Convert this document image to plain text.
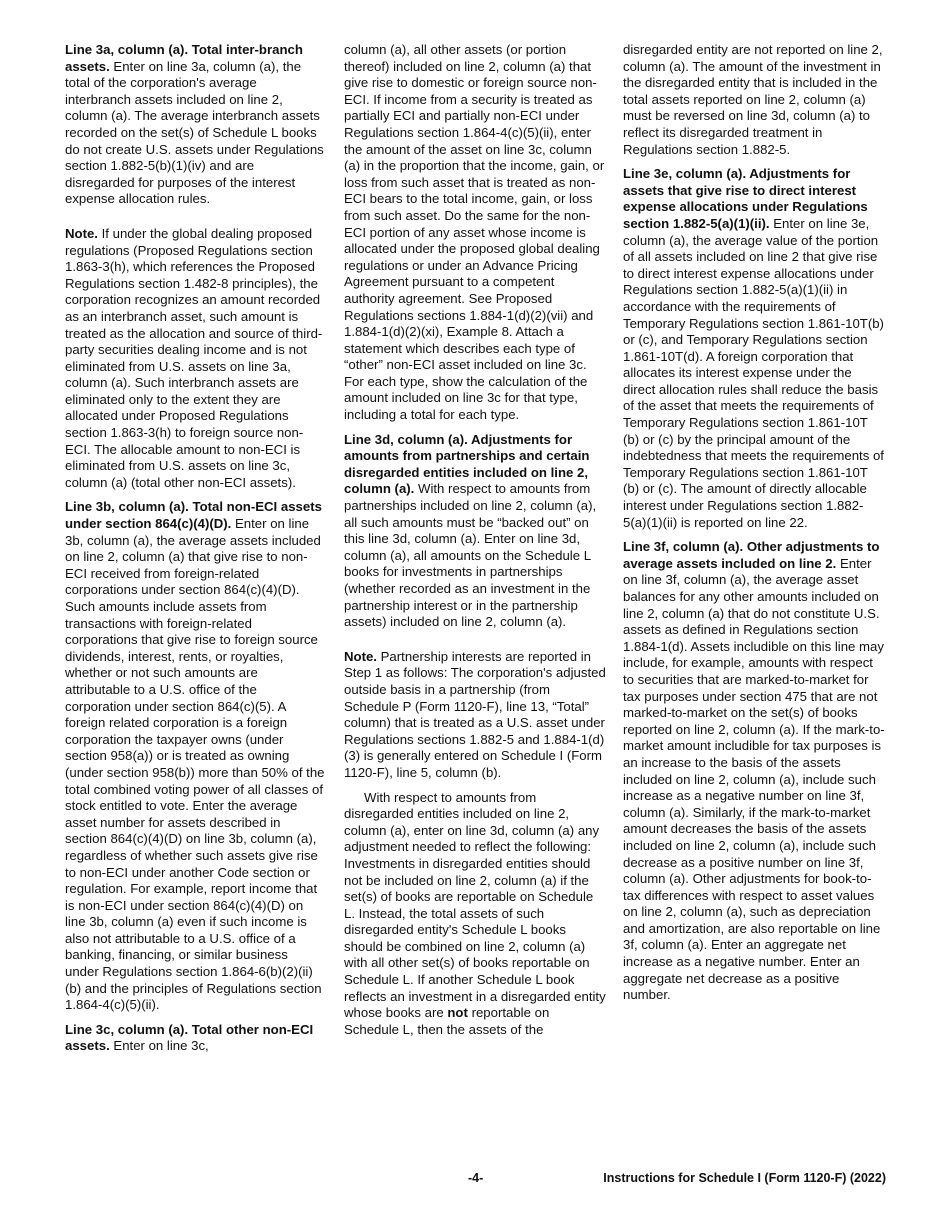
Line 3a, column (a). Total inter-branch assets. Enter on line 3a, column (a), the total of the corporation's average interbranch assets included on line 2, column (a). The average interbranch assets recorded on the set(s) of Schedule L books do not create U.S. assets under Regulations section 1.882-5(b)(1)(iv) and are disregarded for purposes of the interest expense allocation rules.

Note. If under the global dealing proposed regulations (Proposed Regulations section 1.863-3(h), which references the Proposed Regulations section 1.482-8 principles), the corporation recognizes an amount recorded as an interbranch asset, such amount is treated as the allocation and source of third-party securities dealing income and is not eliminated from U.S. assets on line 3a, column (a). Such interbranch assets are eliminated only to the extent they are allocated under Proposed Regulations section 1.863-3(h) to foreign source non-ECI. The allocable amount to non-ECI is eliminated from U.S. assets on line 3c, column (a) (total other non-ECI assets).

Line 3b, column (a). Total non-ECI assets under section 864(c)(4)(D). Enter on line 3b, column (a), the average assets included on line 2, column (a) that give rise to non-ECI received from foreign-related corporations under section 864(c)(4)(D). Such amounts include assets from transactions with foreign-related corporations that give rise to foreign source dividends, interest, rents, or royalties, whether or not such amounts are attributable to a U.S. office of the corporation under section 864(c)(5). A foreign related corporation is a foreign corporation the taxpayer owns (under section 958(a)) or is treated as owning (under section 958(b)) more than 50% of the total combined voting power of all classes of stock entitled to vote. Enter the average asset number for assets described in section 864(c)(4)(D) on line 3b, column (a), regardless of whether such assets give rise to non-ECI under another Code section or regulation. For example, report income that is non-ECI under section 864(c)(4)(D) on line 3b, column (a) even if such income is also not attributable to a U.S. office of a banking, financing, or similar business under Regulations section 1.864-6(b)(2)(ii)(b) and the principles of Regulations section 1.864-4(c)(5)(ii).

Line 3c, column (a). Total other non-ECI assets. Enter on line 3c,

column (a), all other assets (or portion thereof) included on line 2, column (a) that give rise to domestic or foreign source non-ECI. If income from a security is treated as partially ECI and partially non-ECI under Regulations section 1.864-4(c)(5)(ii), enter the amount of the asset on line 3c, column (a) in the proportion that the income, gain, or loss from such asset that is treated as non-ECI bears to the total income, gain, or loss from such asset. Do the same for the non-ECI portion of any asset whose income is allocated under the proposed global dealing regulations or under an Advance Pricing Agreement pursuant to a competent authority agreement. See Proposed Regulations sections 1.884-1(d)(2)(vii) and 1.884-1(d)(2)(xi), Example 8. Attach a statement which describes each type of “other” non-ECI asset included on line 3c. For each type, show the calculation of the amount included on line 3c for that type, including a total for each type.

Line 3d, column (a). Adjustments for amounts from partnerships and certain disregarded entities included on line 2, column (a). With respect to amounts from partnerships included on line 2, column (a), all such amounts must be “backed out” on this line 3d, column (a). Enter on line 3d, column (a), all amounts on the Schedule L books for investments in partnerships (whether recorded as an investment in the partnership interest or in the partnership assets) included on line 2, column (a).

Note. Partnership interests are reported in Step 1 as follows: The corporation's adjusted outside basis in a partnership (from Schedule P (Form 1120-F), line 13, “Total” column) that is treated as a U.S. asset under Regulations sections 1.882-5 and 1.884-1(d)(3) is generally entered on Schedule I (Form 1120-F), line 5, column (b).

With respect to amounts from disregarded entities included on line 2, column (a), enter on line 3d, column (a) any adjustment needed to reflect the following: Investments in disregarded entities should not be included on line 2, column (a) if the set(s) of books are reportable on Schedule L. Instead, the total assets of such disregarded entity's Schedule L books should be combined on line 2, column (a) with all other set(s) of books reportable on Schedule L. If another Schedule L book reflects an investment in a disregarded entity whose books are not reportable on Schedule L, then the assets of the

disregarded entity are not reported on line 2, column (a). The amount of the investment in the disregarded entity that is included in the total assets reported on line 2, column (a) must be reversed on line 3d, column (a) to reflect its disregarded treatment in Regulations section 1.882-5.

Line 3e, column (a). Adjustments for assets that give rise to direct interest expense allocations under Regulations section 1.882-5(a)(1)(ii). Enter on line 3e, column (a), the average value of the portion of all assets included on line 2 that give rise to direct interest expense allocations under Regulations section 1.882-5(a)(1)(ii) in accordance with the requirements of Temporary Regulations section 1.861-10T(b) or (c), and Temporary Regulations section 1.861-10T(d). A foreign corporation that allocates its interest expense under the direct allocation rules shall reduce the basis of the asset that meets the requirements of Temporary Regulations section 1.861-10T (b) or (c) by the principal amount of the indebtedness that meets the requirements of Temporary Regulations section 1.861-10T (b) or (c). The amount of directly allocable interest under Regulations section 1.882-5(a)(1)(ii) is reported on line 22.

Line 3f, column (a). Other adjustments to average assets included on line 2. Enter on line 3f, column (a), the average asset balances for any other amounts included on line 2, column (a) that do not constitute U.S. assets as defined in Regulations section 1.884-1(d). Assets includible on this line may include, for example, amounts with respect to securities that are marked-to-market for tax purposes under section 475 that are not marked-to-market on the set(s) of books reported on line 2, column (a). If the mark-to-market amount includible for tax purposes is an increase to the basis of the assets included on line 2, column (a), include such increase as a negative number on line 3f, column (a). Similarly, if the mark-to-market amount decreases the basis of the assets included on line 2, column (a), include such decrease as a positive number on line 3f, column (a). Other adjustments for book-to-tax differences with respect to asset values on line 2, column (a), such as depreciation and amortization, are also reportable on line 3f, column (a). Enter an aggregate net increase as a negative number. Enter an aggregate net decrease as a positive number.

-4-	Instructions for Schedule I (Form 1120-F) (2022)
